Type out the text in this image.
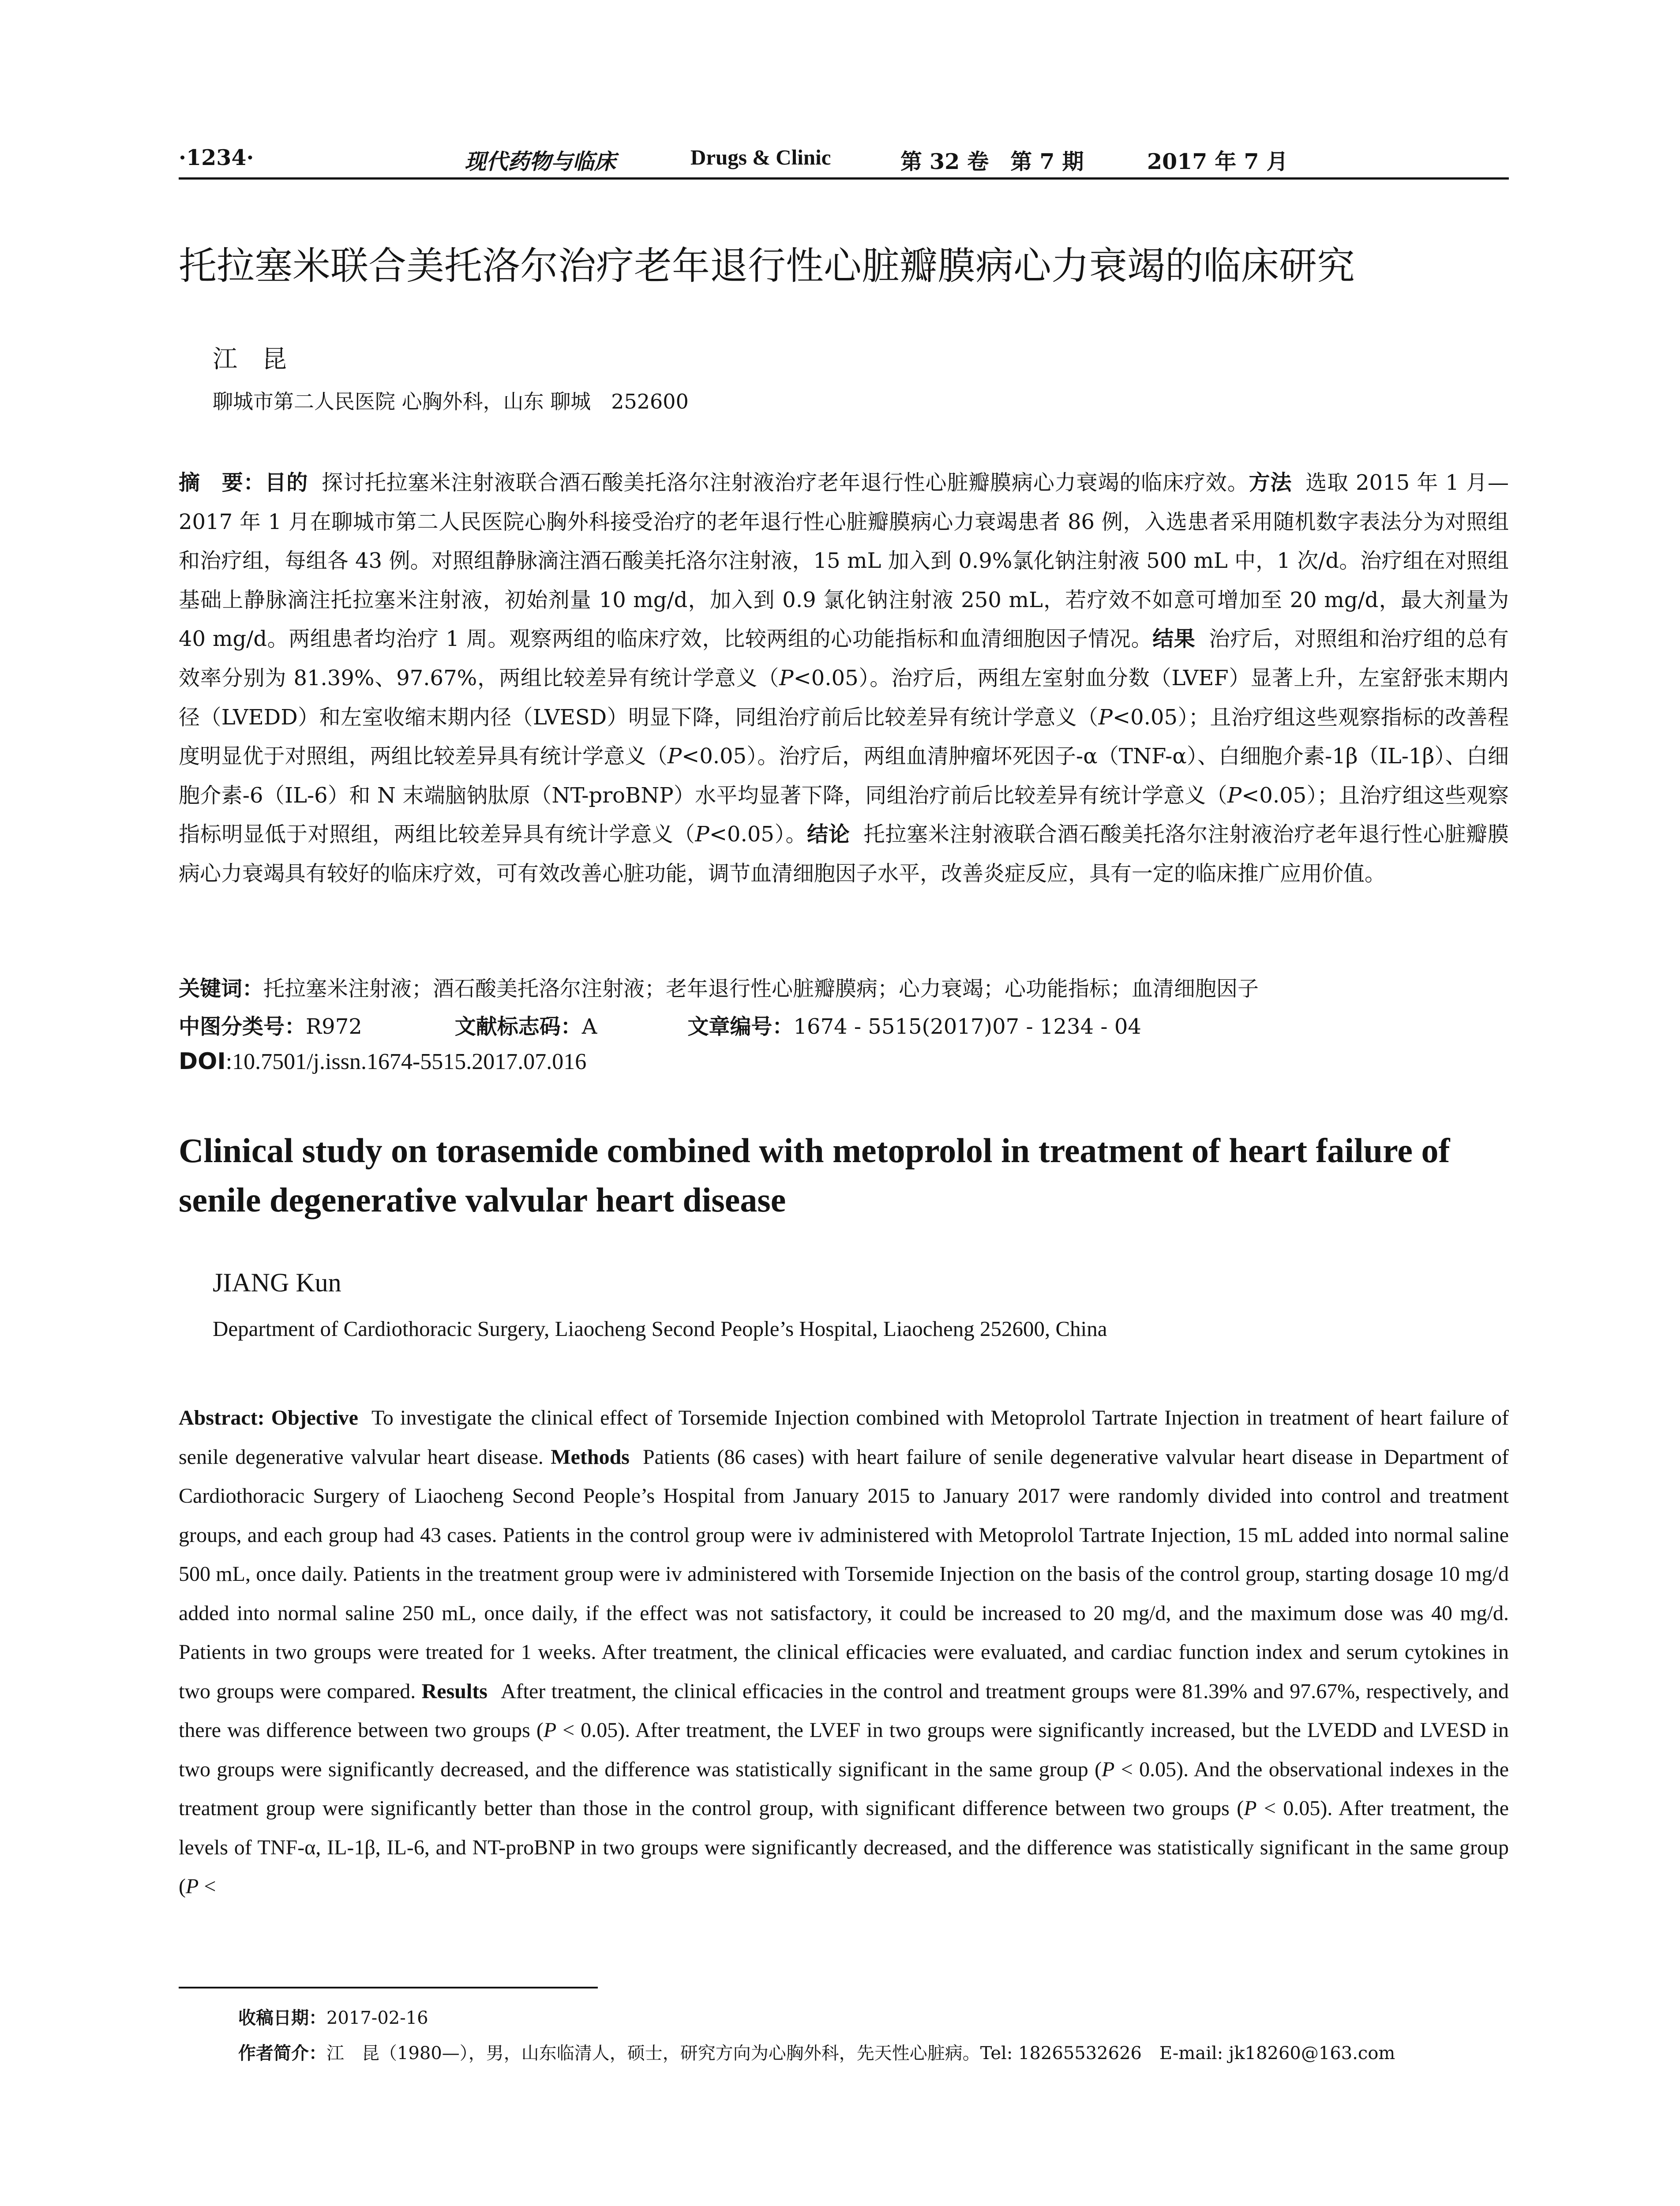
·1234·	现代药物与临床	Drugs & Clinic	第 32 卷　第 7 期	2017 年 7 月
托拉塞米联合美托洛尔治疗老年退行性心脏瓣膜病心力衰竭的临床研究
江　昆
聊城市第二人民医院 心胸外科，山东 聊城　252600
摘　要：目的 探讨托拉塞米注射液联合酒石酸美托洛尔注射液治疗老年退行性心脏瓣膜病心力衰竭的临床疗效。方法 选取 2015 年 1 月—2017 年 1 月在聊城市第二人民医院心胸外科接受治疗的老年退行性心脏瓣膜病心力衰竭患者 86 例，入选患者采用随机数字表法分为对照组和治疗组，每组各 43 例。对照组静脉滴注酒石酸美托洛尔注射液，15 mL 加入到 0.9%氯化钠注射液 500 mL 中，1 次/d。治疗组在对照组基础上静脉滴注托拉塞米注射液，初始剂量 10 mg/d，加入到 0.9 氯化钠注射液 250 mL，若疗效不如意可增加至 20 mg/d，最大剂量为 40 mg/d。两组患者均治疗 1 周。观察两组的临床疗效，比较两组的心功能指标和血清细胞因子情况。结果 治疗后，对照组和治疗组的总有效率分别为 81.39%、97.67%，两组比较差异有统计学意义（P<0.05）。治疗后，两组左室射血分数（LVEF）显著上升，左室舒张末期内径（LVEDD）和左室收缩末期内径（LVESD）明显下降，同组治疗前后比较差异有统计学意义（P<0.05）；且治疗组这些观察指标的改善程度明显优于对照组，两组比较差异具有统计学意义（P<0.05）。治疗后，两组血清肿瘤坏死因子-α（TNF-α）、白细胞介素-1β（IL-1β）、白细胞介素-6（IL-6）和 N 末端脑钠肽原（NT-proBNP）水平均显著下降，同组治疗前后比较差异有统计学意义（P<0.05）；且治疗组这些观察指标明显低于对照组，两组比较差异具有统计学意义（P<0.05）。结论 托拉塞米注射液联合酒石酸美托洛尔注射液治疗老年退行性心脏瓣膜病心力衰竭具有较好的临床疗效，可有效改善心脏功能，调节血清细胞因子水平，改善炎症反应，具有一定的临床推广应用价值。
关键词：托拉塞米注射液；酒石酸美托洛尔注射液；老年退行性心脏瓣膜病；心力衰竭；心功能指标；血清细胞因子
中图分类号：R972	文献标志码：A	文章编号：1674 - 5515(2017)07 - 1234 - 04
DOI:10.7501/j.issn.1674-5515.2017.07.016
Clinical study on torasemide combined with metoprolol in treatment of heart failure of senile degenerative valvular heart disease
JIANG Kun
Department of Cardiothoracic Surgery, Liaocheng Second People’s Hospital, Liaocheng 252600, China
Abstract: Objective To investigate the clinical effect of Torsemide Injection combined with Metoprolol Tartrate Injection in treatment of heart failure of senile degenerative valvular heart disease. Methods Patients (86 cases) with heart failure of senile degenerative valvular heart disease in Department of Cardiothoracic Surgery of Liaocheng Second People’s Hospital from January 2015 to January 2017 were randomly divided into control and treatment groups, and each group had 43 cases. Patients in the control group were iv administered with Metoprolol Tartrate Injection, 15 mL added into normal saline 500 mL, once daily. Patients in the treatment group were iv administered with Torsemide Injection on the basis of the control group, starting dosage 10 mg/d added into normal saline 250 mL, once daily, if the effect was not satisfactory, it could be increased to 20 mg/d, and the maximum dose was 40 mg/d. Patients in two groups were treated for 1 weeks. After treatment, the clinical efficacies were evaluated, and cardiac function index and serum cytokines in two groups were compared. Results After treatment, the clinical efficacies in the control and treatment groups were 81.39% and 97.67%, respectively, and there was difference between two groups (P < 0.05). After treatment, the LVEF in two groups were significantly increased, but the LVEDD and LVESD in two groups were significantly decreased, and the difference was statistically significant in the same group (P < 0.05). And the observational indexes in the treatment group were significantly better than those in the control group, with significant difference between two groups (P < 0.05). After treatment, the levels of TNF-α, IL-1β, IL-6, and NT-proBNP in two groups were significantly decreased, and the difference was statistically significant in the same group (P <
收稿日期：2017-02-16
作者简介：江　昆（1980—），男，山东临清人，硕士，研究方向为心胸外科，先天性心脏病。Tel: 18265532626　E-mail: jk18260@163.com
